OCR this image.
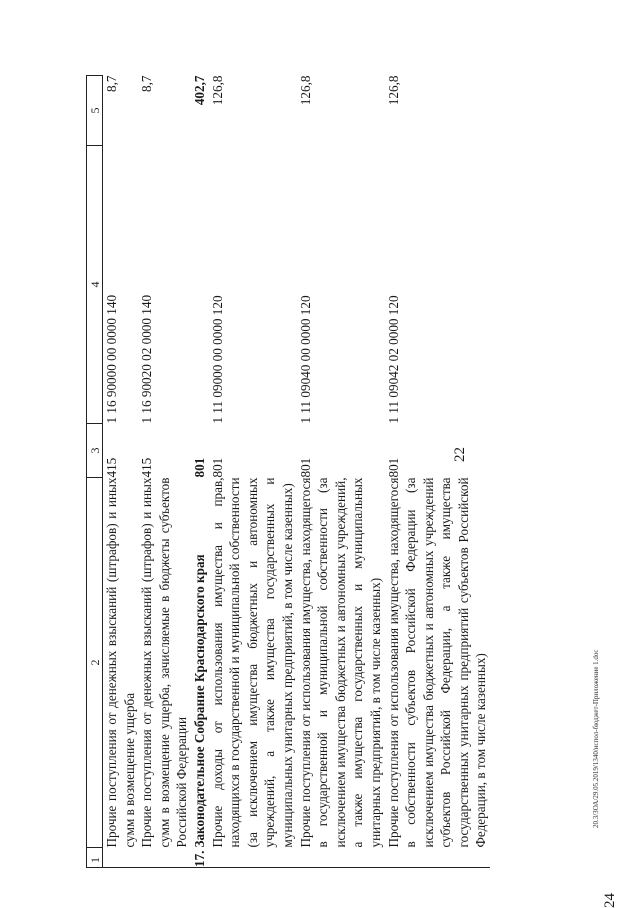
22
1	2	3	4	5
	Прочие поступления от денежных взысканий (штрафов) и иных сумм в возмещение ущерба	415	1 16 90000 00 0000 140	8,7
	Прочие поступления от денежных взысканий (штрафов) и иных сумм в возмещение ущерба, зачисляемые в бюджеты субъектов Российской Федерации	415	1 16 90020 02 0000 140	8,7
17.	Законодательное Собрание Краснодарского края	801		402,7
	Прочие доходы от использования имущества и прав, находящихся в государственной и муниципальной собственности (за исключением имущества бюджетных и автономных учреждений, а также имущества государственных и муниципальных унитарных предприятий, в том числе казенных)	801	1 11 09000 00 0000 120	126,8
	Прочие поступления от использования имущества, находящегося в государственной и муниципальной собственности (за исключением имущества бюджетных и автономных учреждений, а также имущества государственных и муниципальных унитарных предприятий, в том числе казенных)	801	1 11 09040 00 0000 120	126,8
	Прочие поступления от использования имущества, находящегося в собственности субъектов Российской Федерации (за исключением имущества бюджетных и автономных учреждений субъектов Российской Федерации, а также имущества государственных унитарных предприятий субъектов Российской Федерации, в том числе казенных)	801	1 11 09042 02 0000 120	126,8
20.3/ЗОА/29.05.2019/1340/испол-бюджет-Приложение 1.doc
24
